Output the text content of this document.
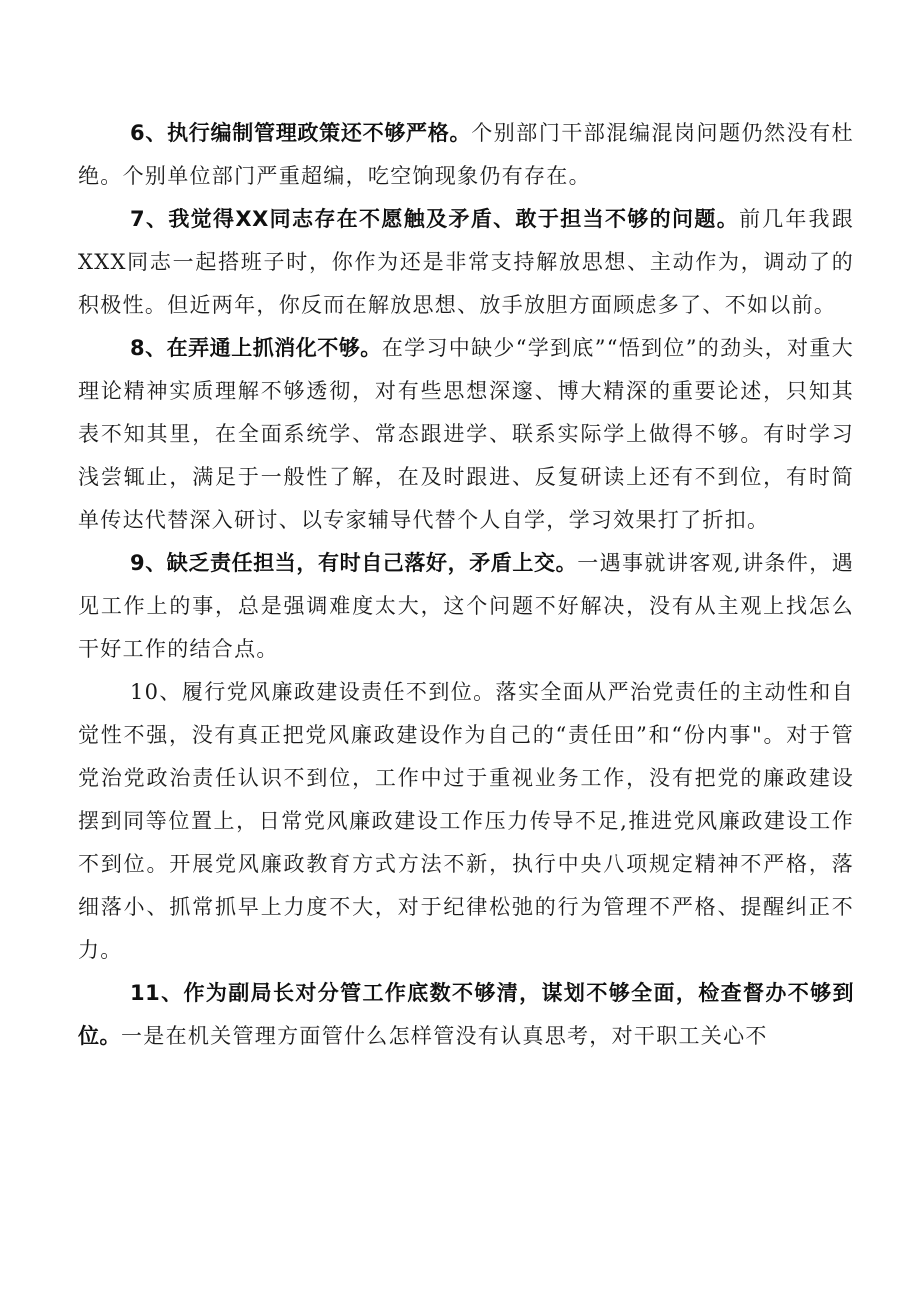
6、执行编制管理政策还不够严格。个别部门干部混编混岗问题仍然没有杜绝。个别单位部门严重超编，吃空饷现象仍有存在。

7、我觉得XX同志存在不愿触及矛盾、敢于担当不够的问题。前几年我跟XXX同志一起搭班子时，你作为还是非常支持解放思想、主动作为，调动了的积极性。但近两年，你反而在解放思想、放手放胆方面顾虑多了、不如以前。

8、在弄通上抓消化不够。在学习中缺少“学到底”“悟到位”的劲头，对重大理论精神实质理解不够透彻，对有些思想深邃、博大精深的重要论述，只知其表不知其里，在全面系统学、常态跟进学、联系实际学上做得不够。有时学习浅尝辄止，满足于一般性了解，在及时跟进、反复研读上还有不到位，有时简单传达代替深入研讨、以专家辅导代替个人自学，学习效果打了折扣。

9、缺乏责任担当，有时自己落好，矛盾上交。一遇事就讲客观,讲条件，遇见工作上的事，总是强调难度太大，这个问题不好解决，没有从主观上找怎么干好工作的结合点。

10、履行党风廉政建设责任不到位。落实全面从严治党责任的主动性和自觉性不强，没有真正把党风廉政建设作为自己的“责任田”和“份内事"。对于管党治党政治责任认识不到位，工作中过于重视业务工作，没有把党的廉政建设摆到同等位置上，日常党风廉政建设工作压力传导不足,推进党风廉政建设工作不到位。开展党风廉政教育方式方法不新，执行中央八项规定精神不严格，落细落小、抓常抓早上力度不大，对于纪律松弛的行为管理不严格、提醒纠正不力。

11、作为副局长对分管工作底数不够清，谋划不够全面，检查督办不够到位。一是在机关管理方面管什么怎样管没有认真思考，对干职工关心不
